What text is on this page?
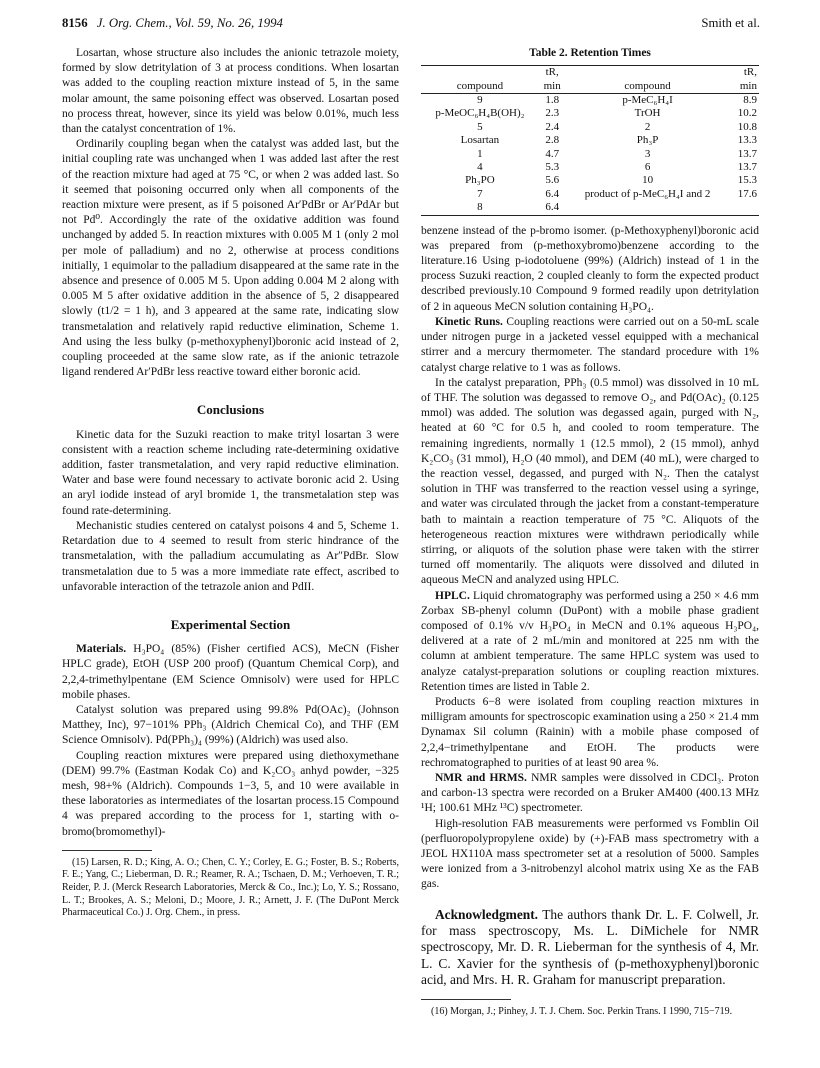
8156 J. Org. Chem., Vol. 59, No. 26, 1994	Smith et al.

Losartan, whose structure also includes the anionic tetrazole moiety, formed by slow detritylation of 3 at process conditions. When losartan was added to the coupling reaction mixture instead of 5, in the same molar amount, the same poisoning effect was observed. Losartan posed no process threat, however, since its yield was below 0.01%, much less than the catalyst concentration of 1%.

Ordinarily coupling began when the catalyst was added last, but the initial coupling rate was unchanged when 1 was added last after the rest of the reaction mixture had aged at 75 °C, or when 2 was added last. So it seemed that poisoning occurred only when all components of the reaction mixture were present, as if 5 poisoned Ar′PdBr or Ar′PdAr but not Pd⁰. Accordingly the rate of the oxidative addition was found unchanged by added 5. In reaction mixtures with 0.005 M 1 (only 2 mol per mole of palladium) and no 2, otherwise at process conditions initially, 1 equimolar to the palladium disappeared at the same rate in the absence and presence of 0.005 M 5. Upon adding 0.004 M 2 along with 0.005 M 5 after oxidative addition in the absence of 5, 2 disappeared slowly (t1/2 = 1 h), and 3 appeared at the same rate, indicating slow transmetalation and relatively rapid reductive elimination, Scheme 1. And using the less bulky (p-methoxyphenyl)boronic acid instead of 2, coupling proceeded at the same slow rate, as if the anionic tetrazole ligand rendered Ar′PdBr less reactive toward either boronic acid.

Conclusions

Kinetic data for the Suzuki reaction to make trityl losartan 3 were consistent with a reaction scheme including rate-determining oxidative addition, faster transmetalation, and very rapid reductive elimination. Water and base were found necessary to activate boronic acid 2. Using an aryl iodide instead of aryl bromide 1, the transmetalation step was found rate-determining.

Mechanistic studies centered on catalyst poisons 4 and 5, Scheme 1. Retardation due to 4 seemed to result from steric hindrance of the transmetalation, with the palladium accumulating as Ar″PdBr. Slow transmetalation due to 5 was a more immediate rate effect, ascribed to unfavorable interaction of the tetrazole anion and PdII.

Experimental Section

Materials. H₃PO₄ (85%) (Fisher certified ACS), MeCN (Fisher HPLC grade), EtOH (USP 200 proof) (Quantum Chemical Corp), and 2,2,4-trimethylpentane (EM Science Omnisolv) were used for HPLC mobile phases.

Catalyst solution was prepared using 99.8% Pd(OAc)₂ (Johnson Matthey, Inc), 97−101% PPh₃ (Aldrich Chemical Co), and THF (EM Science Omnisolv). Pd(PPh₃)₄ (99%) (Aldrich) was used also.

Coupling reaction mixtures were prepared using diethoxymethane (DEM) 99.7% (Eastman Kodak Co) and K₂CO₃ anhyd powder, −325 mesh, 98+% (Aldrich). Compounds 1−3, 5, and 10 were available in these laboratories as intermediates of the losartan process.15 Compound 4 was prepared according to the process for 1, starting with o-bromo(bromomethyl)-

(15) Larsen, R. D.; King, A. O.; Chen, C. Y.; Corley, E. G.; Foster, B. S.; Roberts, F. E.; Yang, C.; Lieberman, D. R.; Reamer, R. A.; Tschaen, D. M.; Verhoeven, T. R.; Reider, P. J. (Merck Research Laboratories, Merck & Co., Inc.); Lo, Y. S.; Rossano, L. T.; Brookes, A. S.; Meloni, D.; Moore, J. R.; Arnett, J. F. (The DuPont Merck Pharmaceutical Co.) J. Org. Chem., in press.

Table 2. Retention Times
	tR,		tR,
compound	min	compound	min
9	1.8	p-MeC₆H₄I	8.9
p-MeOC₆H₄B(OH)₂	2.3	TrOH	10.2
5	2.4	2	10.8
Losartan	2.8	Ph₃P	13.3
1	4.7	3	13.7
4	5.3	6	13.7
Ph₃PO	5.6	10	15.3
7	6.4	product of p-MeC₆H₄I and 2	17.6
8	6.4		

benzene instead of the p-bromo isomer. (p-Methoxyphenyl)boronic acid was prepared from (p-methoxybromo)benzene according to the literature.16 Using p-iodotoluene (99%) (Aldrich) instead of 1 in the process Suzuki reaction, 2 coupled cleanly to form the expected product described previously.10 Compound 9 formed readily upon detritylation of 2 in aqueous MeCN solution containing H₃PO₄.

Kinetic Runs. Coupling reactions were carried out on a 50-mL scale under nitrogen purge in a jacketed vessel equipped with a mechanical stirrer and a mercury thermometer. The standard procedure with 1% catalyst charge relative to 1 was as follows.

In the catalyst preparation, PPh₃ (0.5 mmol) was dissolved in 10 mL of THF. The solution was degassed to remove O₂, and Pd(OAc)₂ (0.125 mmol) was added. The solution was degassed again, purged with N₂, heated at 60 °C for 0.5 h, and cooled to room temperature. The remaining ingredients, normally 1 (12.5 mmol), 2 (15 mmol), anhyd K₂CO₃ (31 mmol), H₂O (40 mmol), and DEM (40 mL), were charged to the reaction vessel, degassed, and purged with N₂. Then the catalyst solution in THF was transferred to the reaction vessel using a syringe, and water was circulated through the jacket from a constant-temperature bath to maintain a reaction temperature of 75 °C. Aliquots of the heterogeneous reaction mixtures were withdrawn periodically while stirring, or aliquots of the solution phase were taken with the stirrer turned off momentarily. The aliquots were dissolved and diluted in aqueous MeCN and analyzed using HPLC.

HPLC. Liquid chromatography was performed using a 250 × 4.6 mm Zorbax SB-phenyl column (DuPont) with a mobile phase gradient composed of 0.1% v/v H₃PO₄ in MeCN and 0.1% aqueous H₃PO₄, delivered at a rate of 2 mL/min and monitored at 225 nm with the column at ambient temperature. The same HPLC system was used to analyze catalyst-preparation solutions or coupling reaction mixtures. Retention times are listed in Table 2.

Products 6−8 were isolated from coupling reaction mixtures in milligram amounts for spectroscopic examination using a 250 × 21.4 mm Dynamax Sil column (Rainin) with a mobile phase composed of 2,2,4−trimethylpentane and EtOH. The products were rechromatographed to purities of at least 90 area %.

NMR and HRMS. NMR samples were dissolved in CDCl₃. Proton and carbon-13 spectra were recorded on a Bruker AM400 (400.13 MHz ¹H; 100.61 MHz ¹³C) spectrometer.

High-resolution FAB measurements were performed vs Fomblin Oil (perfluoropolypropylene oxide) by (+)-FAB mass spectrometry with a JEOL HX110A mass spectrometer set at a resolution of 5000. Samples were ionized from a 3-nitrobenzyl alcohol matrix using Xe as the FAB gas.

Acknowledgment. The authors thank Dr. L. F. Colwell, Jr. for mass spectroscopy, Ms. L. DiMichele for NMR spectroscopy, Mr. D. R. Lieberman for the synthesis of 4, Mr. L. C. Xavier for the synthesis of (p-methoxyphenyl)boronic acid, and Mrs. H. R. Graham for manuscript preparation.

(16) Morgan, J.; Pinhey, J. T. J. Chem. Soc. Perkin Trans. I 1990, 715−719.
